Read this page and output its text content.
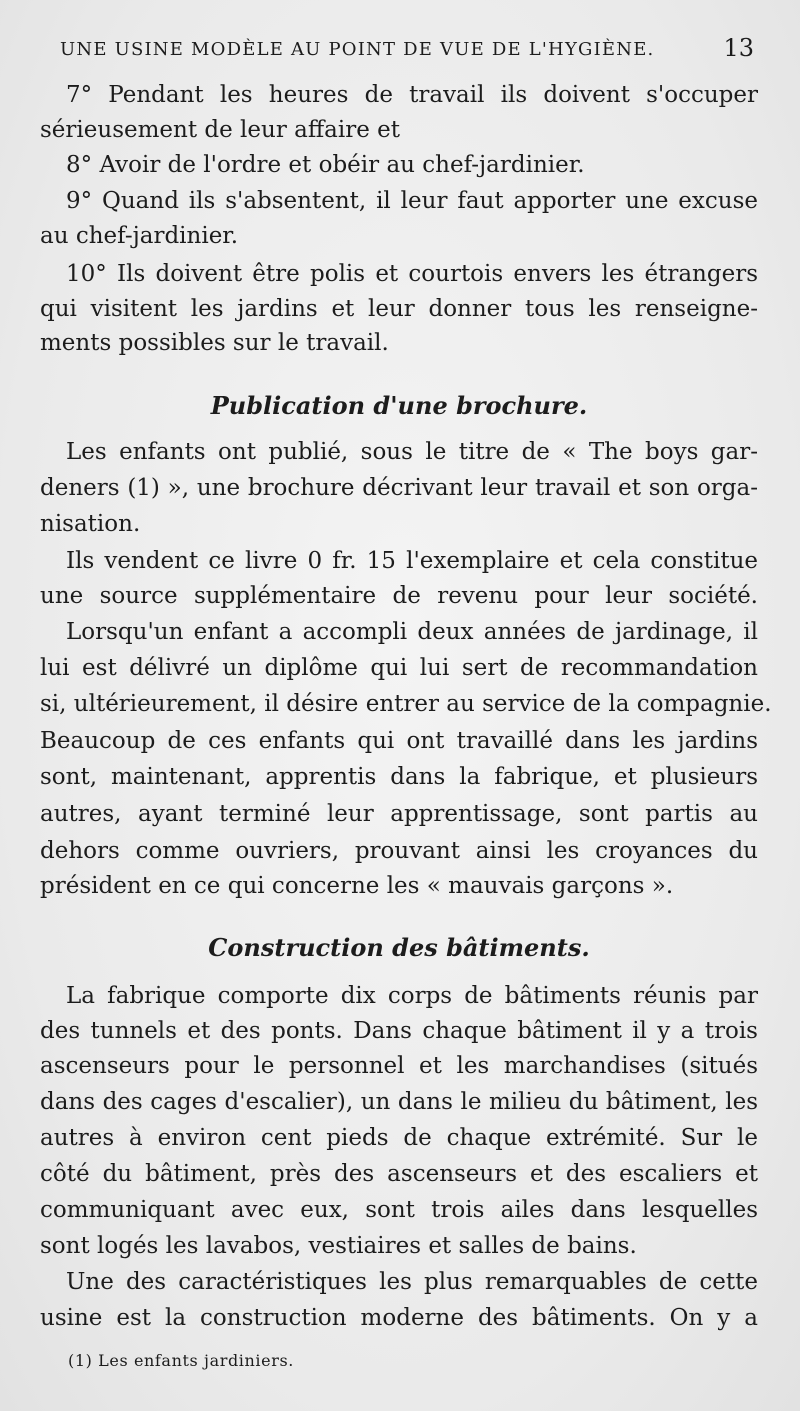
UNE USINE MODÈLE AU POINT DE VUE DE L'HYGIÈNE.	13
7° Pendant les heures de travail ils doivent s'occuper
sérieusement de leur affaire et
8° Avoir de l'ordre et obéir au chef-jardinier.
9° Quand ils s'absentent, il leur faut apporter une excuse
au chef-jardinier.
10° Ils doivent être polis et courtois envers les étrangers
qui visitent les jardins et leur donner tous les renseigne-
ments possibles sur le travail.
Publication d'une brochure.
Les enfants ont publié, sous le titre de « The boys gar-
deners (1) », une brochure décrivant leur travail et son orga-
nisation.
Ils vendent ce livre 0 fr. 15 l'exemplaire et cela constitue
une source supplémentaire de revenu pour leur société.
Lorsqu'un enfant a accompli deux années de jardinage, il
lui est délivré un diplôme qui lui sert de recommandation
si, ultérieurement, il désire entrer au service de la compagnie.
Beaucoup de ces enfants qui ont travaillé dans les jardins
sont, maintenant, apprentis dans la fabrique, et plusieurs
autres, ayant terminé leur apprentissage, sont partis au
dehors comme ouvriers, prouvant ainsi les croyances du
président en ce qui concerne les « mauvais garçons ».
Construction des bâtiments.
La fabrique comporte dix corps de bâtiments réunis par
des tunnels et des ponts. Dans chaque bâtiment il y a trois
ascenseurs pour le personnel et les marchandises (situés
dans des cages d'escalier), un dans le milieu du bâtiment, les
autres à environ cent pieds de chaque extrémité. Sur le
côté du bâtiment, près des ascenseurs et des escaliers et
communiquant avec eux, sont trois ailes dans lesquelles
sont logés les lavabos, vestiaires et salles de bains.
Une des caractéristiques les plus remarquables de cette
usine est la construction moderne des bâtiments. On y a
(1) Les enfants jardiniers.
